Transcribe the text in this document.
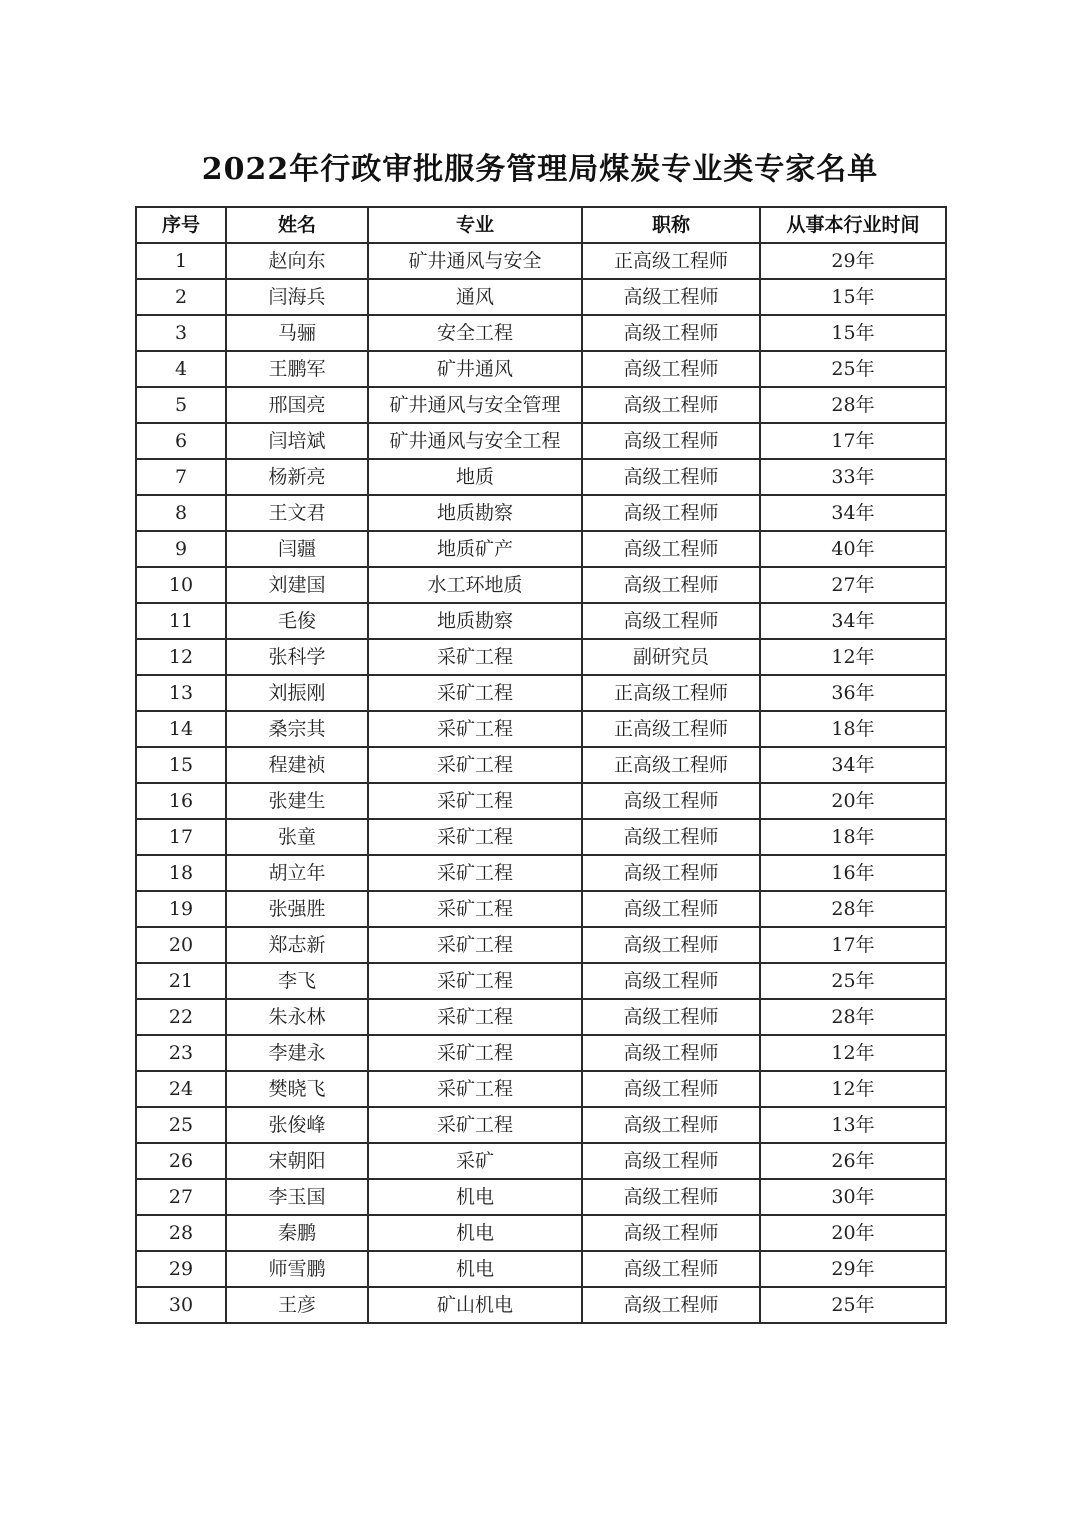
2022年行政审批服务管理局煤炭专业类专家名单
序号	姓名	专业	职称	从事本行业时间
1	赵向东	矿井通风与安全	正高级工程师	29年
2	闫海兵	通风	高级工程师	15年
3	马骊	安全工程	高级工程师	15年
4	王鹏军	矿井通风	高级工程师	25年
5	邢国亮	矿井通风与安全管理	高级工程师	28年
6	闫培斌	矿井通风与安全工程	高级工程师	17年
7	杨新亮	地质	高级工程师	33年
8	王文君	地质勘察	高级工程师	34年
9	闫疆	地质矿产	高级工程师	40年
10	刘建国	水工环地质	高级工程师	27年
11	毛俊	地质勘察	高级工程师	34年
12	张科学	采矿工程	副研究员	12年
13	刘振刚	采矿工程	正高级工程师	36年
14	桑宗其	采矿工程	正高级工程师	18年
15	程建祯	采矿工程	正高级工程师	34年
16	张建生	采矿工程	高级工程师	20年
17	张童	采矿工程	高级工程师	18年
18	胡立年	采矿工程	高级工程师	16年
19	张强胜	采矿工程	高级工程师	28年
20	郑志新	采矿工程	高级工程师	17年
21	李飞	采矿工程	高级工程师	25年
22	朱永林	采矿工程	高级工程师	28年
23	李建永	采矿工程	高级工程师	12年
24	樊晓飞	采矿工程	高级工程师	12年
25	张俊峰	采矿工程	高级工程师	13年
26	宋朝阳	采矿	高级工程师	26年
27	李玉国	机电	高级工程师	30年
28	秦鹏	机电	高级工程师	20年
29	师雪鹏	机电	高级工程师	29年
30	王彦	矿山机电	高级工程师	25年
